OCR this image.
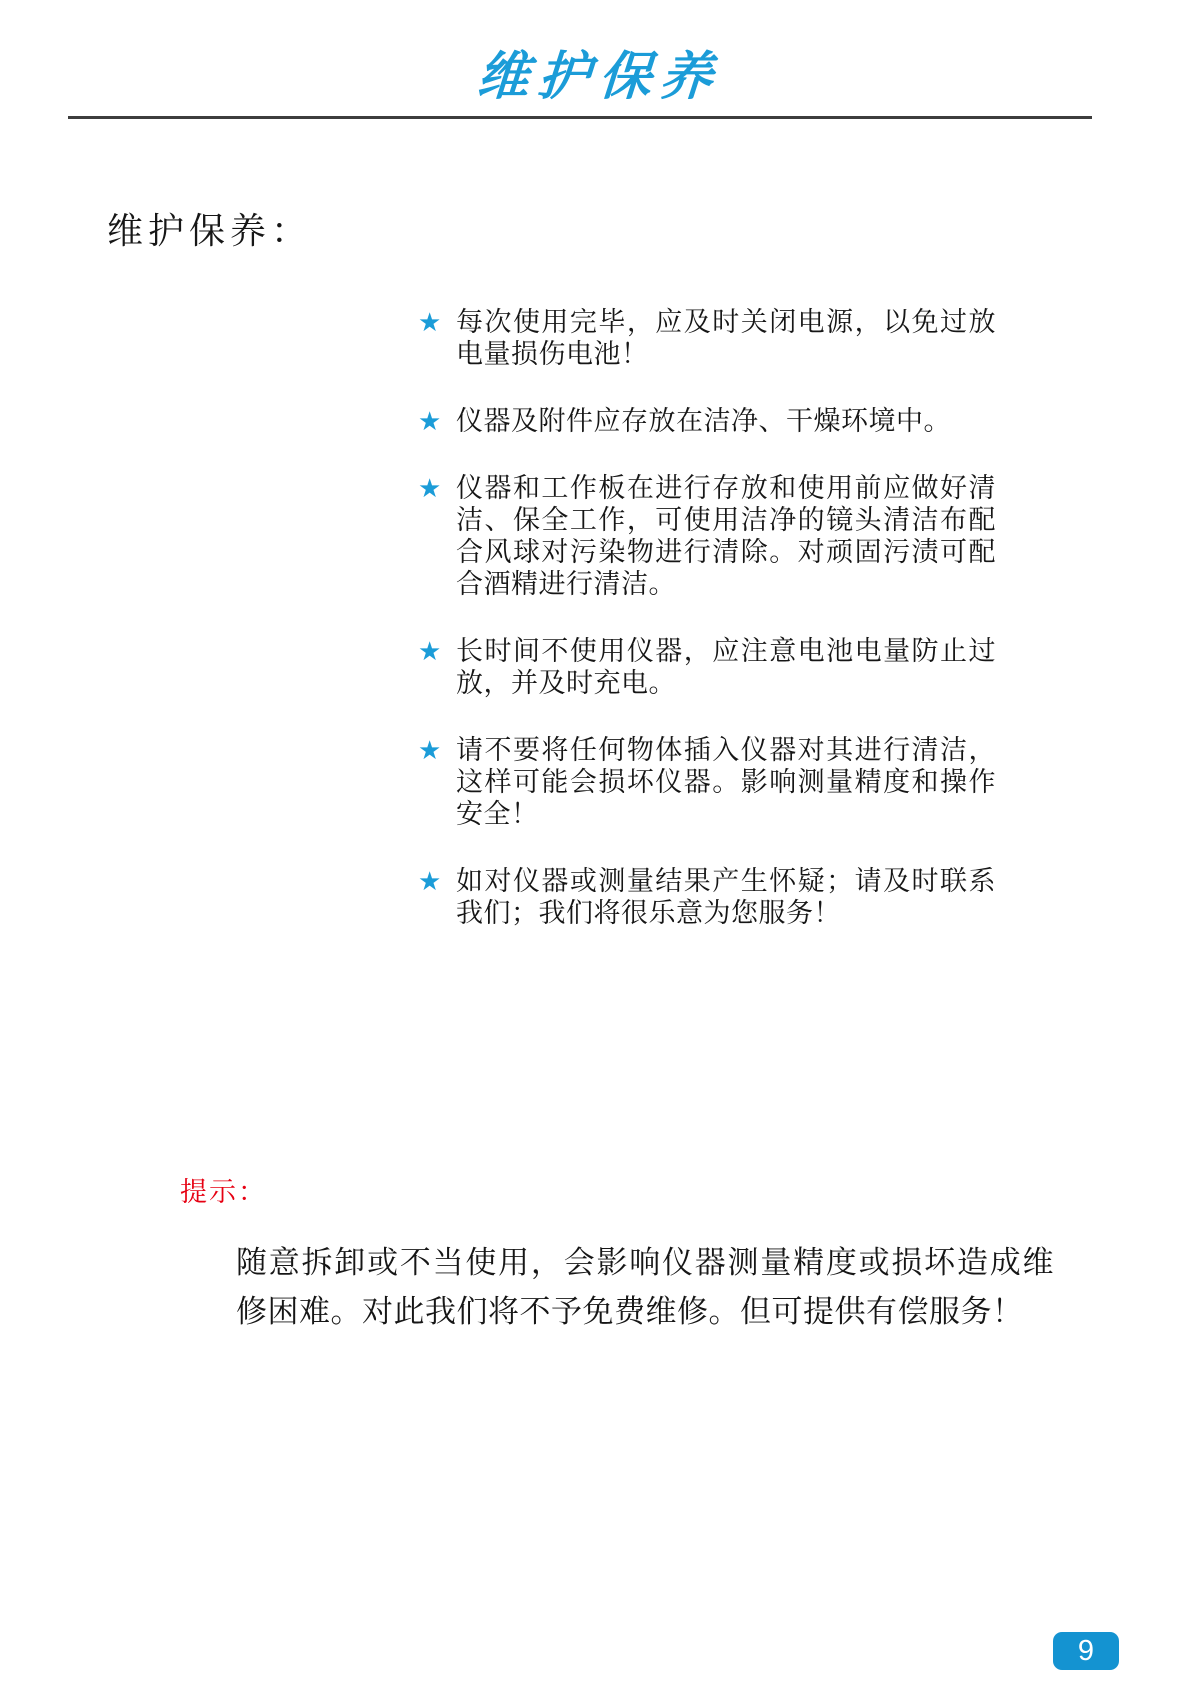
维护保养
维护保养：
★ 每次使用完毕，应及时关闭电源，以免过放电量损伤电池！
★ 仪器及附件应存放在洁净、干燥环境中。
★ 仪器和工作板在进行存放和使用前应做好清洁、保全工作，可使用洁净的镜头清洁布配合风球对污染物进行清除。对顽固污渍可配合酒精进行清洁。
★ 长时间不使用仪器，应注意电池电量防止过放，并及时充电。
★ 请不要将任何物体插入仪器对其进行清洁，这样可能会损坏仪器。影响测量精度和操作安全！
★ 如对仪器或测量结果产生怀疑；请及时联系我们；我们将很乐意为您服务！
提示：
随意拆卸或不当使用，会影响仪器测量精度或损坏造成维修困难。对此我们将不予免费维修。但可提供有偿服务！
9
